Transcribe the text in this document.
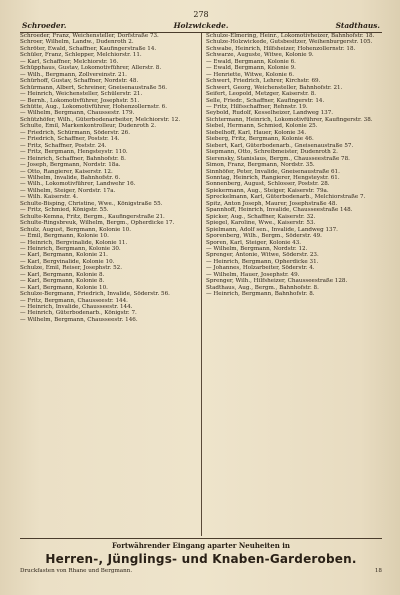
278
Schroeder.	Holzwickede.	Stadthaus.
Schroeder, Franz, Weichensteller, Dorfstraße 73.
Schroer, Wilhelm, Landw., Dudenroth 2.
Schröter, Ewald, Schaffner, Kaufingerstraße 14.
Schüler, Franz, Schlepper, Melchiorstr. 11.
— Karl, Schaffner, Melchiorstr. 16.
Schüpphaus, Gustav, Lokomotivführer, Allerstr. 8.
— Wilh., Bergmann, Zollvereinstr. 21.
Schürhoff, Gustav, Schaffner, Nordstr. 48.
Schürmann, Albert, Schreiner, Gneisenaustraße 56.
— Heinrich, Weichensteller, Schülerstr. 21.
— Bernh., Lokomotivführer, Josephstr. 51.
Schütte, Aug., Lokomotivführer, Hohenzollernstr. 6.
— Wilhelm, Bergmann, Chaussestr. 179.
Schützhöfer, Wilh., Güterbodenarbeiter, Melchiorstr. 12.
Schulte, Emil, Markenkontrolleur, Dudenroth 2.
— Friedrich, Schürmann, Söderstr. 26.
— Friedrich, Schaffner, Poststr. 14.
— Fritz, Schaffner, Poststr. 24.
— Fritz, Bergmann, Hengsteystr. 110.
— Heinrich, Schaffner, Bahnhofstr. 8.
— Joseph, Bergmann, Nordstr. 18a.
— Otto, Rangierer, Kaiserstr. 12.
— Wilhelm, Invalide, Bahnhofstr. 6.
— Wilh., Lokomotivführer, Landwehr 16.
— Wilhelm, Steiger, Nordstr. 17a.
— Wilh. Kaiserstr. 4.
Schulte-Bisping, Christine, Wwe., Königstraße 55.
— Fritz, Schmied, Königstr. 55.
Schulte-Kemna, Fritz, Bergm., Kaufingerstraße 21.
Schulte-Ringsbreuk, Wilhelm, Bergm., Opherdicke 17.
Schulz, August, Bergmann, Kolonie 10.
— Emil, Bergmann, Kolonie 10.
— Heinrich, Bergvinalide, Kolonie 11.
— Heinrich, Bergmann, Kolonie 30.
— Karl, Bergmann, Kolonie 21.
— Karl, Bergvinalide, Kolonie 10.
Schulze, Emil, Reiser, Josephstr. 52.
— Karl, Bergmann, Kolonie 8.
— Karl, Bergmann, Kolonie 8.
— Karl, Bergmann, Kolonie 10.
Schulze-Bergmann, Friedrich, Invalide, Söderstr. 56.
— Fritz, Bergmann, Chausseestr. 144.
— Heinrich, Invalide, Chausseestr. 144.
— Heinrich, Güterbodenarb., Königstr. 7.
— Wilhelm, Bergmann, Chausseestr. 146.
Schulze-Elmering, Heinr., Lokomotivheizer, Bahnhofstr. 18.
Schulze-Holzwickede, Gutsbesitzer, Weihenburgerstr. 105.
Schwabe, Heinrich, Hilfsheizer, Hohenzollernstr. 18.
Schwarze, Auguste, Witwe, Kolonie 9.
— Ewald, Bergmann, Kolonie 6.
— Ewald, Bergmann, Kolonie 9.
— Henriette, Witwe, Kolonie 6.
Schwert, Friedrich, Lehrer, Kirchstr. 69.
Schwert, Georg, Weichensteller, Bahnhofstr. 21.
Seifert, Leopold, Metzger, Kaiserstr. 8.
Selle, Friedr., Schaffner, Kaufingerstr. 14.
— Fritz, Hilfsschaffner, Rehnstr. 19.
Seybold, Rudolf, Kesselheizer, Landweg 137.
Sichtermann, Heinrich, Lokomotivführer, Kaufingerstr. 38.
Siebel, Hermann, Schmied, Kolonie 25.
Siebelhoff, Karl, Hauer, Kolonie 34.
Sieberg, Fritz, Bergmann, Kolonie 46.
Siebert, Karl, Güterbodenarb., Gneisenaustraße 57.
Siepmann, Otto, Schreibmeister, Dudenroth 2.
Sierensky, Stanislaus, Bergm., Chausseestraße 78.
Simon, Franz, Bergmann, Nordstr. 35.
Sinnhöfer, Peter, Invalide, Gneisenaustraße 61.
Sonntag, Heinrich, Rangierer, Hengsteystr. 61.
Sonnenberg, August, Schlosser, Poststr. 28.
Spiekermann, Aug., Steiger, Kaiserstr. 79a.
Spreckelmann, Karl, Güterbodenarb., Melchiorstraße 7.
Spitz, Anton Joseph, Maurer, Josephstraße 48.
Spannhoff, Heinrich, Invalide, Chausseestraße 148.
Spicker, Aug., Schaffner, Kaiserstr. 32.
Spiegel, Karoline, Wwe., Kaiserstr. 53.
Spielmann, Adolf sen., Invalide, Landweg 137.
Sporenberg, Wilh., Bergm., Söderstr. 49.
Sporen, Karl, Steiger, Kolonie 43.
— Wilhelm, Bergmann, Nordstr. 12.
Sprenger, Antonie, Witwe, Söderstr. 23.
— Heinrich, Bergmann, Opherdicke 31.
— Johannes, Holzarbeiter, Söderstr. 4.
— Wilhelm, Hauer, Josephstr. 49.
Sprenger, Wilh., Hilfsheizer, Chausseestraße 128.
Stadthaus, Aug., Bergm., Bahnhofstr. 8.
— Heinrich, Bergmann, Bahnhofstr. 8.
Fortwährender Eingang aparter Neuheiten in
Herren-, Jünglings- und Knaben-Garderoben.
Druckfasten von Rhane und Bergmann.	18
